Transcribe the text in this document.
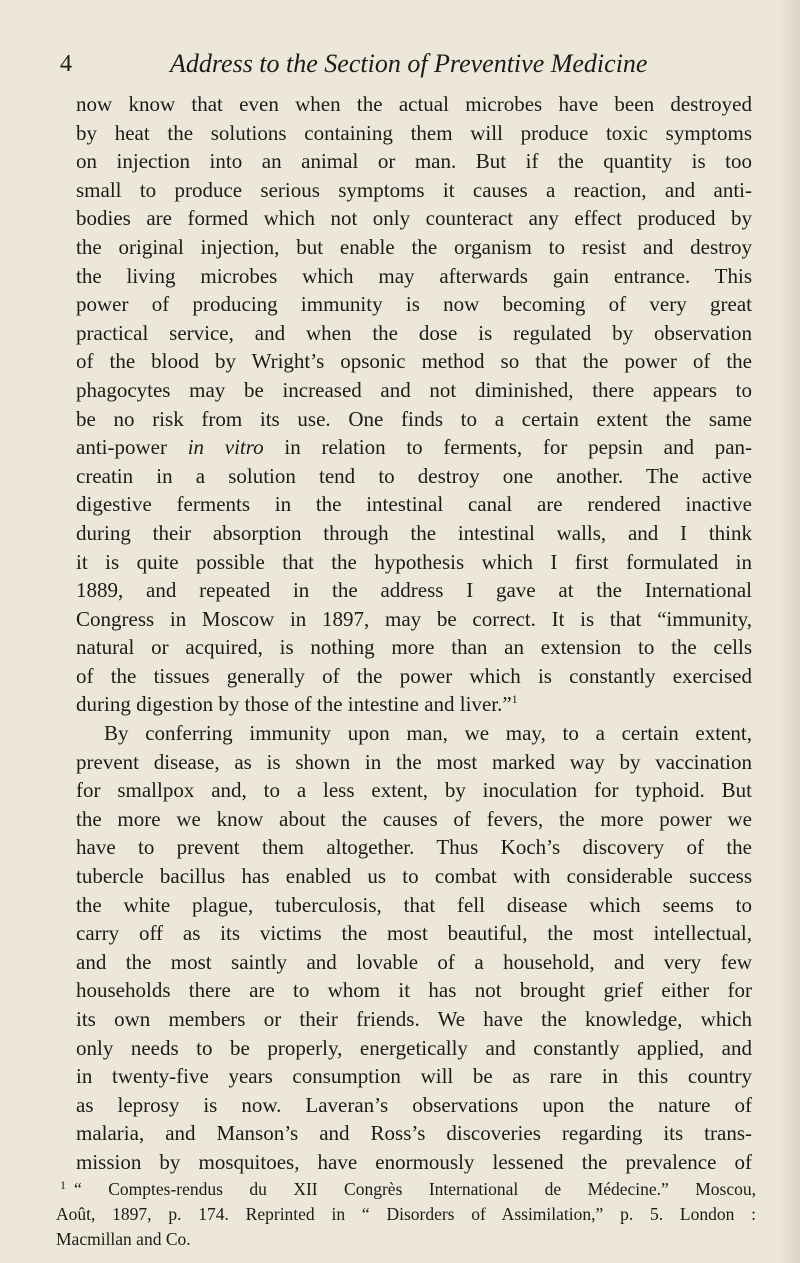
4	Address to the Section of Preventive Medicine
now know that even when the actual microbes have been destroyed
by heat the solutions containing them will produce toxic symptoms
on injection into an animal or man. But if the quantity is too
small to produce serious symptoms it causes a reaction, and anti-
bodies are formed which not only counteract any effect produced by
the original injection, but enable the organism to resist and destroy
the living microbes which may afterwards gain entrance. This
power of producing immunity is now becoming of very great
practical service, and when the dose is regulated by observation
of the blood by Wright’s opsonic method so that the power of the
phagocytes may be increased and not diminished, there appears to
be no risk from its use. One finds to a certain extent the same
anti-power in vitro in relation to ferments, for pepsin and pan-
creatin in a solution tend to destroy one another. The active
digestive ferments in the intestinal canal are rendered inactive
during their absorption through the intestinal walls, and I think
it is quite possible that the hypothesis which I first formulated in
1889, and repeated in the address I gave at the International
Congress in Moscow in 1897, may be correct. It is that “immunity,
natural or acquired, is nothing more than an extension to the cells
of the tissues generally of the power which is constantly exercised
during digestion by those of the intestine and liver.”$^1$
By conferring immunity upon man, we may, to a certain extent,
prevent disease, as is shown in the most marked way by vaccination
for smallpox and, to a less extent, by inoculation for typhoid. But
the more we know about the causes of fevers, the more power we
have to prevent them altogether. Thus Koch’s discovery of the
tubercle bacillus has enabled us to combat with considerable success
the white plague, tuberculosis, that fell disease which seems to
carry off as its victims the most beautiful, the most intellectual,
and the most saintly and lovable of a household, and very few
households there are to whom it has not brought grief either for
its own members or their friends. We have the knowledge, which
only needs to be properly, energetically and constantly applied, and
in twenty-five years consumption will be as rare in this country
as leprosy is now. Laveran’s observations upon the nature of
malaria, and Manson’s and Ross’s discoveries regarding its trans-
mission by mosquitoes, have enormously lessened the prevalence of
$^1$ “ Comptes-rendus du XII Congrès International de Médecine.” Moscou,
Août, 1897, p. 174. Reprinted in “ Disorders of Assimilation,” p. 5. London :
Macmillan and Co.
